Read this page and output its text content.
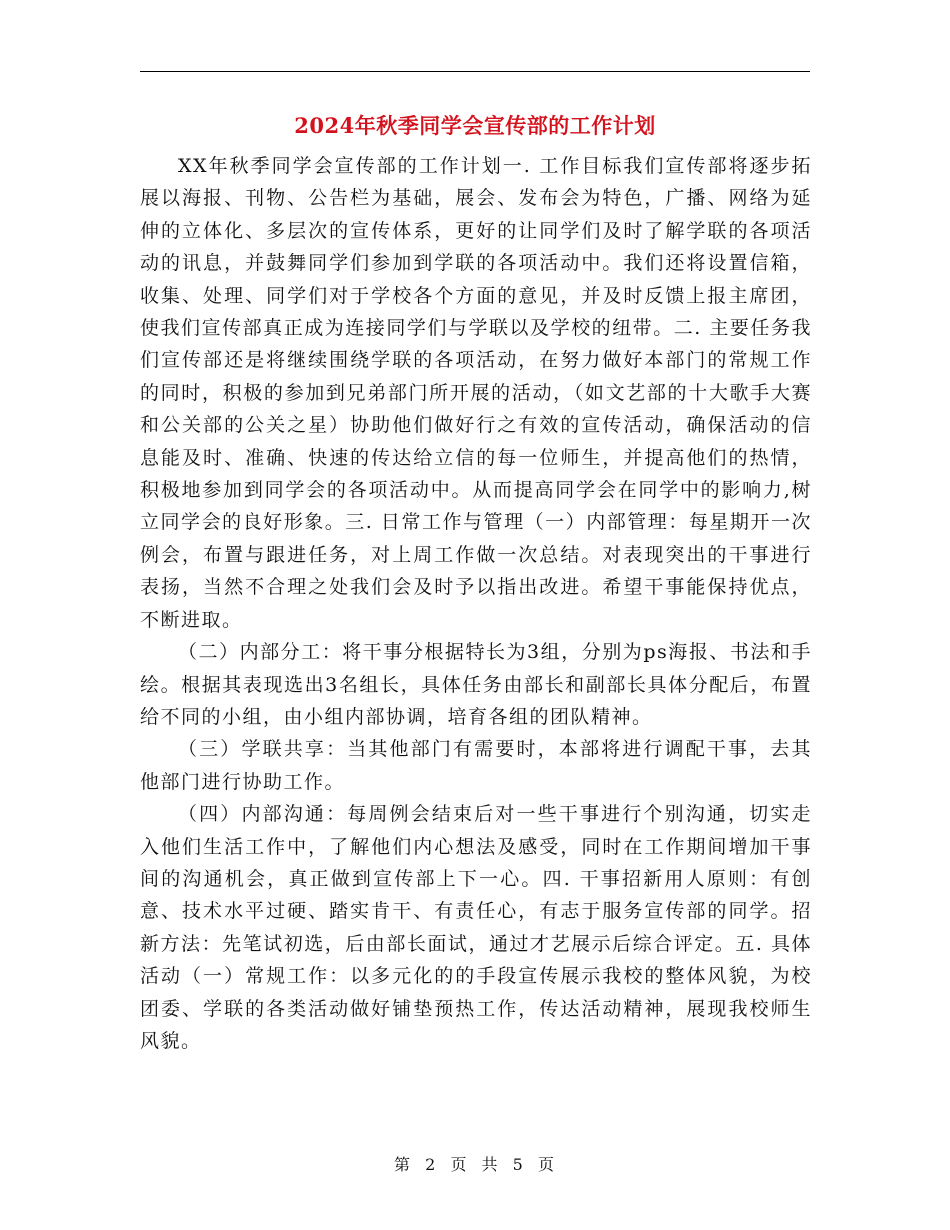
2024年秋季同学会宣传部的工作计划

XX年秋季同学会宣传部的工作计划一. 工作目标我们宣传部将逐步拓展以海报、刊物、公告栏为基础，展会、发布会为特色，广播、网络为延伸的立体化、多层次的宣传体系，更好的让同学们及时了解学联的各项活动的讯息，并鼓舞同学们参加到学联的各项活动中。我们还将设置信箱，收集、处理、同学们对于学校各个方面的意见，并及时反馈上报主席团，使我们宣传部真正成为连接同学们与学联以及学校的纽带。二. 主要任务我们宣传部还是将继续围绕学联的各项活动，在努力做好本部门的常规工作的同时，积极的参加到兄弟部门所开展的活动，（如文艺部的十大歌手大赛和公关部的公关之星）协助他们做好行之有效的宣传活动，确保活动的信息能及时、准确、快速的传达给立信的每一位师生，并提高他们的热情，积极地参加到同学会的各项活动中。从而提高同学会在同学中的影响力,树立同学会的良好形象。三. 日常工作与管理（一）内部管理：每星期开一次例会，布置与跟进任务，对上周工作做一次总结。对表现突出的干事进行表扬，当然不合理之处我们会及时予以指出改进。希望干事能保持优点，不断进取。

（二）内部分工：将干事分根据特长为3组，分别为ps海报、书法和手绘。根据其表现选出3名组长，具体任务由部长和副部长具体分配后，布置给不同的小组，由小组内部协调，培育各组的团队精神。

（三）学联共享：当其他部门有需要时，本部将进行调配干事，去其他部门进行协助工作。

（四）内部沟通：每周例会结束后对一些干事进行个别沟通，切实走入他们生活工作中，了解他们内心想法及感受，同时在工作期间增加干事间的沟通机会，真正做到宣传部上下一心。四. 干事招新用人原则：有创意、技术水平过硬、踏实肯干、有责任心，有志于服务宣传部的同学。招新方法：先笔试初选，后由部长面试，通过才艺展示后综合评定。五. 具体活动（一）常规工作：以多元化的的手段宣传展示我校的整体风貌，为校团委、学联的各类活动做好铺垫预热工作，传达活动精神，展现我校师生风貌。

第 2 页 共 5 页
